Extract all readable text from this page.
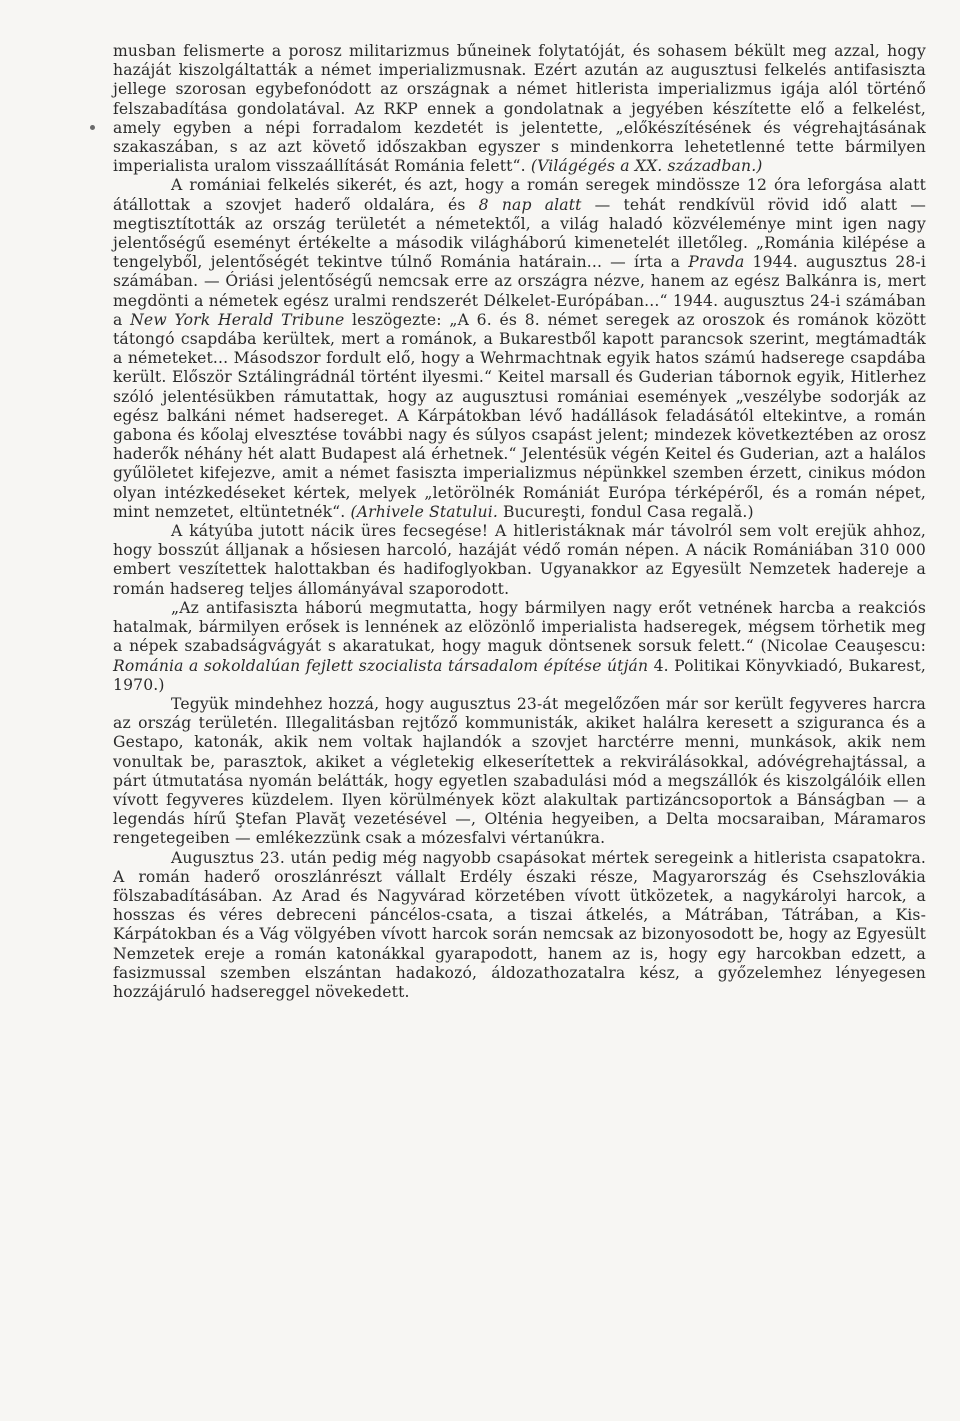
musban felismerte a porosz militarizmus bűneinek folytatóját, és sohasem békült meg azzal, hogy hazáját kiszolgáltatták a német imperializmusnak. Ezért azután az augusztusi felkelés antifasiszta jellege szorosan egybefonódott az országnak a német hitlerista imperializmus igája alól történő felszabadítása gondolatával. Az RKP ennek a gondolatnak a jegyében készítette elő a felkelést, amely egyben a népi forradalom kezdetét is jelentette, „előkészítésének és végrehajtásának szakaszában, s az azt követő időszakban egyszer s mindenkorra lehetetlenné tette bármilyen imperialista uralom visszaállítását Románia felett“. (Világégés a XX. században.)

A romániai felkelés sikerét, és azt, hogy a román seregek mindössze 12 óra leforgása alatt átállottak a szovjet haderő oldalára, és 8 nap alatt — tehát rendkívül rövid idő alatt — megtisztították az ország területét a németektől, a világ haladó közvéleménye mint igen nagy jelentőségű eseményt értékelte a második világháború kimenetelét illetőleg. „Románia kilépése a tengelyből, jelentőségét tekintve túlnő Románia határain... — írta a Pravda 1944. augusztus 28-i számában. — Óriási jelentőségű nemcsak erre az országra nézve, hanem az egész Balkánra is, mert megdönti a németek egész uralmi rendszerét Délkelet-Európában...“ 1944. augusztus 24-i számában a New York Herald Tribune leszögezte: „A 6. és 8. német seregek az oroszok és románok között tátongó csapdába kerültek, mert a románok, a Bukarestből kapott parancsok szerint, megtámadták a németeket... Másodszor fordult elő, hogy a Wehrmachtnak egyik hatos számú hadserege csapdába került. Először Sztálingrádnál történt ilyesmi.“ Keitel marsall és Guderian tábornok egyik, Hitlerhez szóló jelentésükben rámutattak, hogy az augusztusi romániai események „veszélybe sodorják az egész balkáni német hadsereget. A Kárpátokban lévő hadállások feladásától eltekintve, a román gabona és kőolaj elvesztése további nagy és súlyos csapást jelent; mindezek következtében az orosz haderők néhány hét alatt Budapest alá érhetnek.“ Jelentésük végén Keitel és Guderian, azt a halálos gyűlöletet kifejezve, amit a német fasiszta imperializmus népünkkel szemben érzett, cinikus módon olyan intézkedéseket kértek, melyek „letörölnék Romániát Európa térképéről, és a román népet, mint nemzetet, eltüntetnék“. (Arhivele Statului. Bucureşti, fondul Casa regală.)

A kátyúba jutott nácik üres fecsegése! A hitleristáknak már távolról sem volt erejük ahhoz, hogy bosszút álljanak a hősiesen harcoló, hazáját védő román népen. A nácik Romániában 310 000 embert veszítettek halottakban és hadifoglyokban. Ugyanakkor az Egyesült Nemzetek hadereje a román hadsereg teljes állományával szaporodott.

„Az antifasiszta háború megmutatta, hogy bármilyen nagy erőt vetnének harcba a reakciós hatalmak, bármilyen erősek is lennének az elözönlő imperialista hadseregek, mégsem törhetik meg a népek szabadságvágyát s akaratukat, hogy maguk döntsenek sorsuk felett.“ (Nicolae Ceauşescu: Románia a sokoldalúan fejlett szocialista társadalom építése útján 4. Politikai Könyvkiadó, Bukarest, 1970.)

Tegyük mindehhez hozzá, hogy augusztus 23-át megelőzően már sor került fegyveres harcra az ország területén. Illegalitásban rejtőző kommunisták, akiket halálra keresett a sziguranca és a Gestapo, katonák, akik nem voltak hajlandók a szovjet harctérre menni, munkások, akik nem vonultak be, parasztok, akiket a végletekig elkeserítettek a rekvirálásokkal, adóvégrehajtással, a párt útmutatása nyomán belátták, hogy egyetlen szabadulási mód a megszállók és kiszolgálóik ellen vívott fegyveres küzdelem. Ilyen körülmények közt alakultak partizáncsoportok a Bánságban — a legendás hírű Ştefan Plavăţ vezetésével —, Olténia hegyeiben, a Delta mocsaraiban, Máramaros rengetegeiben — emlékezzünk csak a mózesfalvi vértanúkra.

Augusztus 23. után pedig még nagyobb csapásokat mértek seregeink a hitlerista csapatokra. A román haderő oroszlánrészt vállalt Erdély északi része, Magyarország és Csehszlovákia fölszabadításában. Az Arad és Nagyvárad körzetében vívott ütközetek, a nagykárolyi harcok, a hosszas és véres debreceni páncélos-csata, a tiszai átkelés, a Mátrában, Tátrában, a Kis-Kárpátokban és a Vág völgyében vívott harcok során nemcsak az bizonyosodott be, hogy az Egyesült Nemzetek ereje a román katonákkal gyarapodott, hanem az is, hogy egy harcokban edzett, a fasizmussal szemben elszántan hadakozó, áldozathozatalra kész, a győzelemhez lényegesen hozzájáruló hadsereggel növekedett.
